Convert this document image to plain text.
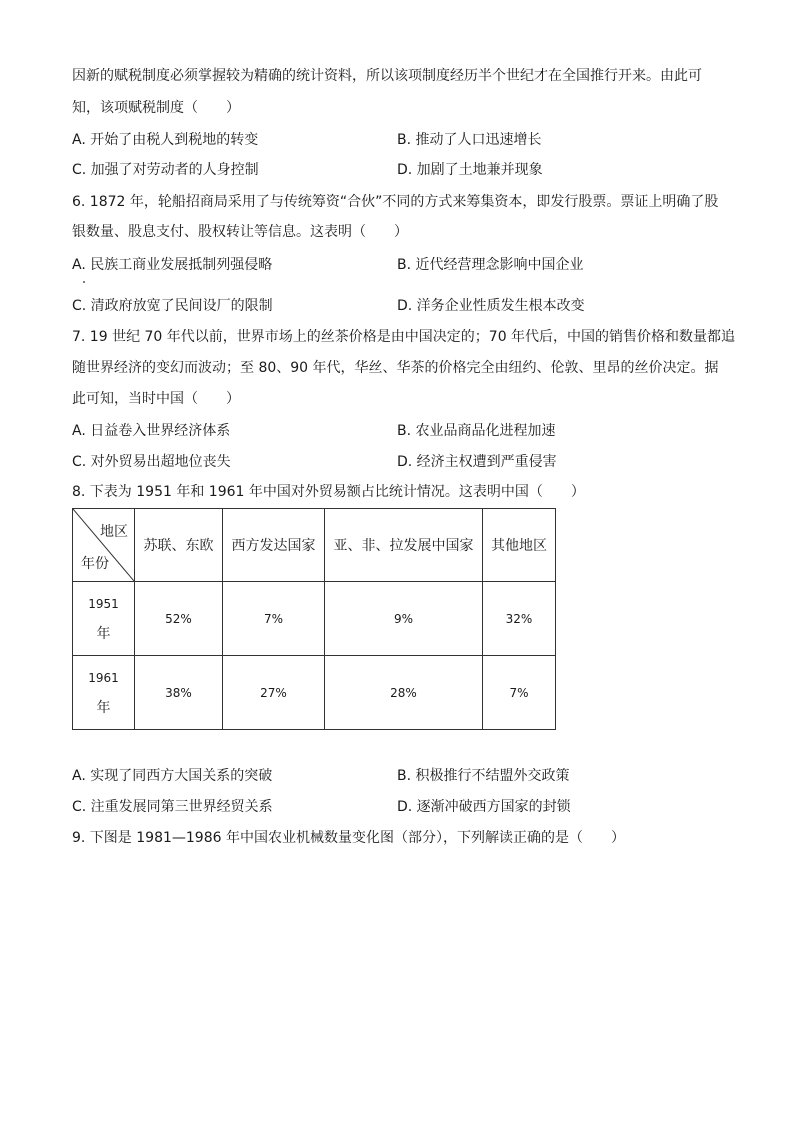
因新的赋税制度必须掌握较为精确的统计资料，所以该项制度经历半个世纪才在全国推行开来。由此可
知，该项赋税制度（　　）
A. 开始了由税人到税地的转变	B. 推动了人口迅速增长
C. 加强了对劳动者的人身控制	D. 加剧了土地兼并现象
6. 1872 年，轮船招商局采用了与传统筹资“合伙”不同的方式来筹集资本，即发行股票。票证上明确了股
银数量、股息支付、股权转让等信息。这表明（　　）
A. 民族工商业发展抵制列强侵略	B. 近代经营理念影响中国企业
C. 清政府放宽了民间设厂的限制	D. 洋务企业性质发生根本改变
7. 19 世纪 70 年代以前，世界市场上的丝茶价格是由中国决定的；70 年代后，中国的销售价格和数量都追
随世界经济的变幻而波动；至 80、90 年代，华丝、华茶的价格完全由纽约、伦敦、里昂的丝价决定。据
此可知，当时中国（　　）
A. 日益卷入世界经济体系	B. 农业品商品化进程加速
C. 对外贸易出超地位丧失	D. 经济主权遭到严重侵害
8. 下表为 1951 年和 1961 年中国对外贸易额占比统计情况。这表明中国（　　）
地区
年份	苏联、东欧	西方发达国家	亚、非、拉发展中国家	其他地区

1951
年	52%	7%	9%	32%

1961
年	38%	27%	28%	7%
A. 实现了同西方大国关系的突破	B. 积极推行不结盟外交政策
C. 注重发展同第三世界经贸关系	D. 逐渐冲破西方国家的封锁
9. 下图是 1981—1986 年中国农业机械数量变化图（部分），下列解读正确的是（　　）
